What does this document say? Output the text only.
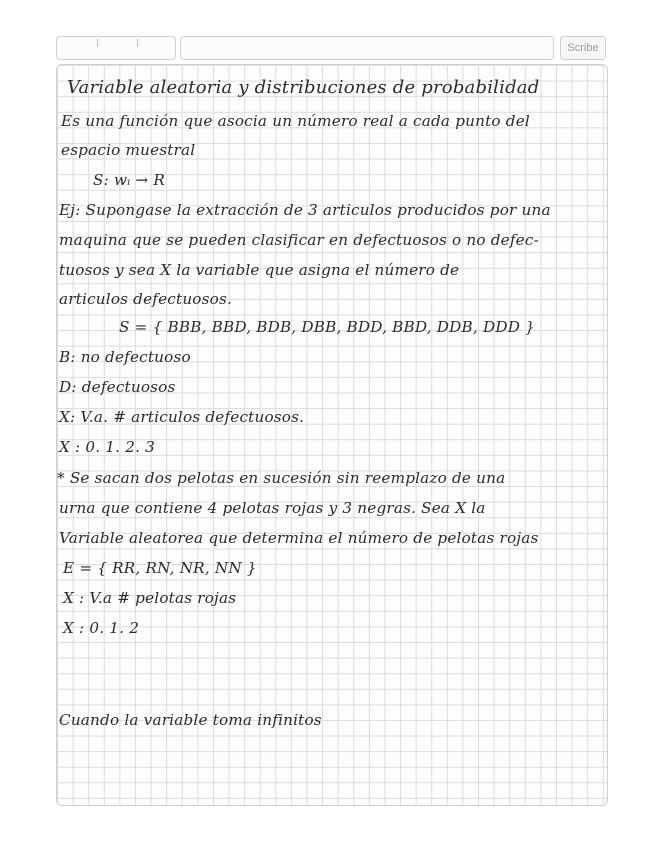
Scribe

Variable aleatoria y distribuciones de probabilidad

Es una función que asocia un número real a cada punto del

espacio muestral

S: wᵢ → R

Ej: Supongase la extracción de 3 articulos producidos por una

maquina que se pueden clasificar en defectuosos o no defec-

tuosos y sea X la variable que asigna el número de

articulos defectuosos.

S = { BBB, BBD, BDB, DBB, BDD, BBD, DDB, DDD }

B: no defectuoso

D: defectuosos

X: V.a. # articulos defectuosos.

X : 0. 1. 2. 3

* Se sacan dos pelotas en sucesión sin reemplazo de una

urna que contiene 4 pelotas rojas y 3 negras. Sea X la

Variable aleatorea que determina el número de pelotas rojas

E = { RR, RN, NR, NN }

X : V.a # pelotas rojas

X : 0. 1. 2

Cuando la variable toma infinitos
